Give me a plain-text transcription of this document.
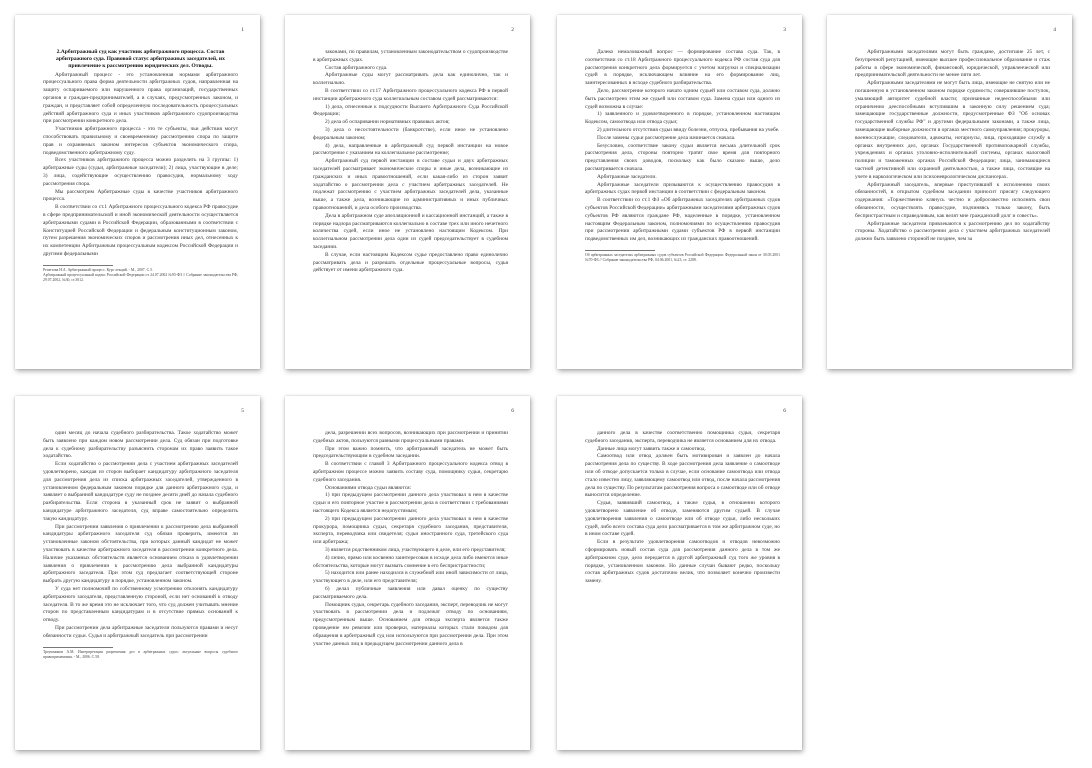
1

2.Арбитражный суд как участник арбитражного процесса. Состав арбитражного суда. Правовой статус арбитражных заседателей, их привлечение к рассмотрению юридических дел. Отводы.

Арбитражный процесс - это установленная нормами арбитражного процессуального права форма деятельности арбитражных судов, направленная на защиту оспариваемого или нарушенного права организаций, государственных органов и граждан-предпринимателей, а в случаях, предусмотренных законом, и граждан, и представляет собой определенную последовательность процессуальных действий арбитражного суда и иных участников арбитражного судопроизводства при рассмотрении конкретного дела.

Участников арбитражного процесса - это те субъекты, чьи действия могут способствовать правильному и своевременному рассмотрению спора по защите прав и охраняемых законом интересов субъектов экономического спора, подведомственного арбитражному суду.

Всех участников арбитражного процесса можно разделить на 3 группы: 1) арбитражные суды (судьи, арбитражные заседатели); 2) лица, участвующие в деле; 3) лица, содействующие осуществлению правосудия, нормальному ходу рассмотрения спора.

Мы рассмотрим Арбитражные суды в качестве участников арбитражного процесса.

В соответствии со ст.1 Арбитражного процессуального кодекса РФ правосудие в сфере предпринимательской и иной экономической деятельности осуществляется арбитражными судами в Российской Федерации, образованными в соответствии с Конституцией Российской Федерации и федеральным конституционным законом, путем разрешения экономических споров и рассмотрения иных дел, отнесенных к их компетенции Арбитражным процессуальным кодексом Российской Федерации и другими федеральными

Решетова Н.А. Арбитражный процесс. Курс лекций. - М., 2007. С.5.

Арбитражный процессуальный кодекс Российской Федерации от 24.07.2002 №95-ФЗ // Собрание законодательства РФ, 29.07.2002, №30, ст.3012.

2

законами, по правилам, установленным законодательством о судопроизводстве в арбитражных судах.

Состав арбитражного суда.

Арбитражные суды могут рассматривать дела как единолично, так и коллегиально.

В соответствии со ст.17 Арбитражного процессуального кодекса РФ в первой инстанции арбитражного суда коллегиальным составом судей рассматриваются:

1) дела, отнесенные к подсудности Высшего Арбитражного Суда Российской Федерации;

2) дела об оспаривании нормативных правовых актов;

3) дела о несостоятельности (банкротстве), если иное не установлено федеральным законом;

4) дела, направленные в арбитражный суд первой инстанции на новое рассмотрение с указанием на коллегиальное рассмотрение;

Арбитражный суд первой инстанции в составе судьи и двух арбитражных заседателей рассматривает экономические споры и иные дела, возникающие из гражданских и иных правоотношений, если какая-либо из сторон заявит ходатайство о рассмотрении дела с участием арбитражных заседателей. Не подлежат рассмотрению с участием арбитражных заседателей дела, указанные выше, а также дела, возникающие из административных и иных публичных правоотношений, и дела особого производства.

Дела в арбитражном суде апелляционной и кассационной инстанций, а также в порядке надзора рассматриваются коллегиально в составе трех или иного нечетного количества судей, если иное не установлено настоящим Кодексом. При коллегиальном рассмотрении дела один из судей председательствует в судебном заседании.

В случае, если настоящим Кодексом судье предоставлено право единолично рассматривать дела и разрешать отдельные процессуальные вопросы, судья действует от имени арбитражного суда.

3

Далеко немаловажный вопрос — формирование состава суда. Так, в соответствии со ст.18 Арбитражного процессуального кодекса РФ состав суда для рассмотрения конкретного дела формируется с учетом нагрузки и специализации судей в порядке, исключающем влияние на его формирование лиц, заинтересованных в исходе судебного разбирательства.

Дело, рассмотрение которого начато одним судьей или составом суда, должно быть рассмотрено этим же судьей или составом суда. Замена судьи или одного из судей возможна в случае:

1) заявленного и удовлетворенного в порядке, установленном настоящим Кодексом, самоотвода или отвода судьи;

2) длительного отсутствия судьи ввиду болезни, отпуска, пребывания на учебе.

После замены судьи рассмотрение дела начинается сначала.

Безусловно, соответствие закону судьи является весьма длительной срок рассмотрения дела, стороны повторно тратят свое время для повторного представления своих доводов, поскольку как было сказано выше, дело рассматривается сначала.

Арбитражные заседатели.

Арбитражные заседатели призываются к осуществлению правосудия в арбитражных судах первой инстанции в соответствии с федеральным законом.

В соответствии со ст.1 ФЗ «Об арбитражных заседателях арбитражных судов субъектов Российской Федерации» арбитражными заседателями арбитражных судов субъектов РФ являются граждане РФ, наделенные в порядке, установленном настоящим Федеральным законом, полномочиями по осуществлению правосудия при рассмотрении арбитражными судами субъектов РФ в первой инстанции подведомственных им дел, возникающих из гражданских правоотношений.

Об арбитражных заседателях арбитражных судов субъектов Российской Федерации: Федеральный закон от 30.05.2001 №70-ФЗ // Собрание законодательства РФ, 04.06.2001, №23, ст. 2288.

4

Арбитражными заседателями могут быть граждане, достигшие 25 лет, с безупречной репутацией, имеющие высшее профессиональное образование и стаж работы в сфере экономической, финансовой, юридической, управленческой или предпринимательской деятельности не менее пяти лет.

Арбитражными заседателями не могут быть лица, имеющие не снятую или не погашенную в установленном законом порядке судимость; совершившие поступок, умаляющий авторитет судебной власти; признанные недееспособными или ограниченно дееспособными вступившим в законную силу решением суда; замещающие государственные должности, предусмотренные ФЗ "Об основах государственной службы РФ" и другими федеральными законами, а также лица, замещающие выборные должности в органах местного самоуправления; прокуроры, военнослужащие, следователи, адвокаты, нотариусы, лица, проходящие службу в органах внутренних дел, органах Государственной противопожарной службы, учреждениях и органах уголовно-исполнительной системы, органах налоговой полиции и таможенных органах Российской Федерации; лица, занимающиеся частной детективной или охранной деятельностью, а также лица, состоящие на учете в наркологическом или психоневрологическом диспансерах.

Арбитражный заседатель, впервые приступивший к исполнению своих обязанностей, в открытом судебном заседании приносит присягу следующего содержания: «Торжественно клянусь честно и добросовестно исполнять свои обязанности, осуществлять правосудие, подчиняясь только закону, быть беспристрастным и справедливым, как велят мне гражданский долг и совесть».

Арбитражные заседатели привлекаются к рассмотрению дел по ходатайству стороны. Ходатайство о рассмотрении дела с участием арбитражных заседателей должно быть заявлено стороной не позднее, чем за

5

один месяц до начала судебного разбирательства. Такое ходатайство может быть заявлено при каждом новом рассмотрении дела. Суд обязан при подготовке дела к судебному разбирательству разъяснить сторонам их право заявить такое ходатайство.

Если ходатайство о рассмотрении дела с участием арбитражных заседателей удовлетворено, каждая из сторон выбирает кандидатуру арбитражного заседателя для рассмотрения дела из списка арбитражных заседателей, утвержденного в установленном федеральным законом порядке для данного арбитражного суда, и заявляет о выбранной кандидатуре суду не позднее десяти дней до начала судебного разбирательства. Если сторона в указанный срок не заявит о выбранной кандидатуре арбитражного заседателя, суд вправе самостоятельно определить такую кандидатуру.

При рассмотрении заявления о привлечении к рассмотрению дела выбранной кандидатуры арбитражного заседателя суд обязан проверить, имеются ли установленные законом обстоятельства, при которых данный кандидат не может участвовать в качестве арбитражного заседателя в рассмотрении конкретного дела. Наличие указанных обстоятельств является основанием отказа в удовлетворении заявления о привлечении к рассмотрению дела выбранной кандидатуры арбитражного заседателя. При этом суд предлагает соответствующей стороне выбрать другую кандидатуру в порядке, установленном законом.

У суда нет полномочий по собственному усмотрению отклонять кандидатуру арбитражного заседателя, представленную стороной, если нет оснований к отводу заседателя. В то же время это не исключает того, что суд должен учитывать мнение сторон по представленным кандидатурам и в отсутствие прямых оснований к отводу.

При рассмотрении дела арбитражные заседатели пользуются правами и несут обязанности судьи. Судья и арбитражный заседатель при рассмотрении

Треушников А.М. Интерпретация разрешения дел в арбитражных судах: актуальные вопросы судебного правоприменения. - М., 2006. С.58.

6

дела, разрешении всех вопросов, возникающих при рассмотрении и принятии судебных актов, пользуются равными процессуальными правами.

При этом важно помнить, что арбитражный заседатель не может быть председательствующим в судебном заседании.

В соответствии с главой 3 Арбитражного процессуального кодекса отвод в арбитражном процессе можно заявить составу суда, помощнику судьи, секретарю судебного заседания.

Основаниями отвода судьи являются:

1) при предыдущем рассмотрении данного дела участвовал в нем в качестве судьи и его повторное участие в рассмотрении дела в соответствии с требованиями настоящего Кодекса является недопустимым;

2) при предыдущем рассмотрении данного дела участвовал в нем в качестве прокурора, помощника судьи, секретаря судебного заседания, представителя, эксперта, переводчика или свидетеля; судьи иностранного суда, третейского суда или арбитража;

3) является родственником лица, участвующего в деле, или его представителя;

4) лично, прямо или косвенно заинтересован в исходе дела либо имеются иные обстоятельства, которые могут вызвать сомнение в его беспристрастности;

5) находится или ранее находился в служебной или иной зависимости от лица, участвующего в деле, или его представителя;

6) делал публичные заявления или давал оценку по существу рассматриваемого дела.

Помощник судьи, секретарь судебного заседания, эксперт, переводчик не могут участвовать в рассмотрении дела и подлежат отводу по основаниям, предусмотренным выше. Основанием для отвода эксперта является также проведение им ревизии или проверки, материалы которых стали поводом для обращения в арбитражный суд или используются при рассмотрении дела. При этом участие данных лиц в предыдущем рассмотрении данного дела в

6

данного дела в качестве соответственно помощника судьи, секретаря судебного заседания, эксперта, переводчика не является основанием для их отвода.

Данные лица могут заявить также и самоотвод.

Самоотвод или отвод должен быть мотивирован и заявлен до начала рассмотрения дела по существу. В ходе рассмотрения дела заявление о самоотводе или об отводе допускается только в случае, если основание самоотвода или отвода стало известно лицу, заявляющему самоотвод или отвод, после начала рассмотрения дела по существу. По результатам рассмотрения вопроса о самоотводе или об отводе выносится определение.

Судья, заявивший самоотвод, а также судья, в отношении которого удовлетворено заявление об отводе, заменяются другим судьей. В случае удовлетворения заявления о самоотводе или об отводе судьи, либо нескольких судей, либо всего состава суда дело рассматривается в том же арбитражном суде, но в ином составе судей.

Если в результате удовлетворения самоотводов и отводов невозможно сформировать новый состав суда для рассмотрения данного дела в том же арбитражном суде, дело передается в другой арбитражный суд того же уровня в порядке, установленном законом. Но данные случаи бывают редко, поскольку состав арбитражных судов достаточно велик, что позволяет конечно произвести замену.
